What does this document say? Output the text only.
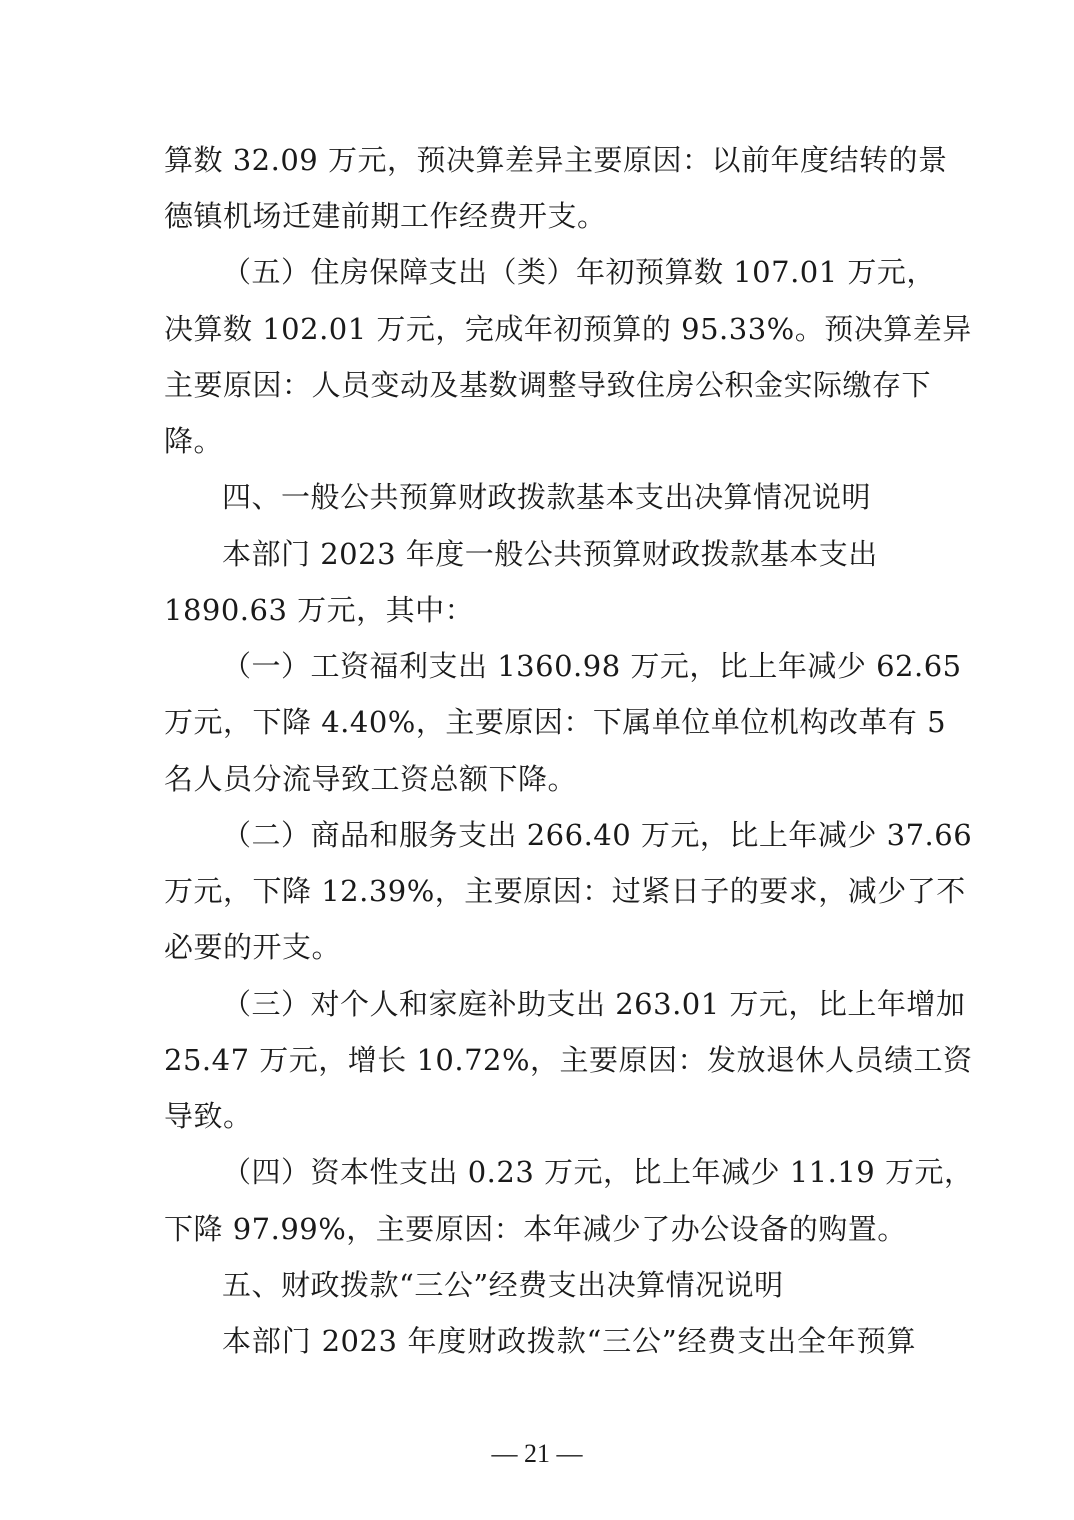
算数 32.09 万元，预决算差异主要原因：以前年度结转的景
德镇机场迁建前期工作经费开支。
（五）住房保障支出（类）年初预算数 107.01 万元，
决算数 102.01 万元，完成年初预算的 95.33%。预决算差异
主要原因：人员变动及基数调整导致住房公积金实际缴存下
降。
四、一般公共预算财政拨款基本支出决算情况说明
本部门 2023 年度一般公共预算财政拨款基本支出
1890.63 万元，其中：
（一）工资福利支出 1360.98 万元，比上年减少 62.65
万元，下降 4.40%，主要原因：下属单位单位机构改革有 5
名人员分流导致工资总额下降。
（二）商品和服务支出 266.40 万元，比上年减少 37.66
万元，下降 12.39%，主要原因：过紧日子的要求，减少了不
必要的开支。
（三）对个人和家庭补助支出 263.01 万元，比上年增加
25.47 万元，增长 10.72%，主要原因：发放退休人员绩工资
导致。
（四）资本性支出 0.23 万元，比上年减少 11.19 万元，
下降 97.99%，主要原因：本年减少了办公设备的购置。
五、财政拨款“三公”经费支出决算情况说明
本部门 2023 年度财政拨款“三公”经费支出全年预算
— 21 —
